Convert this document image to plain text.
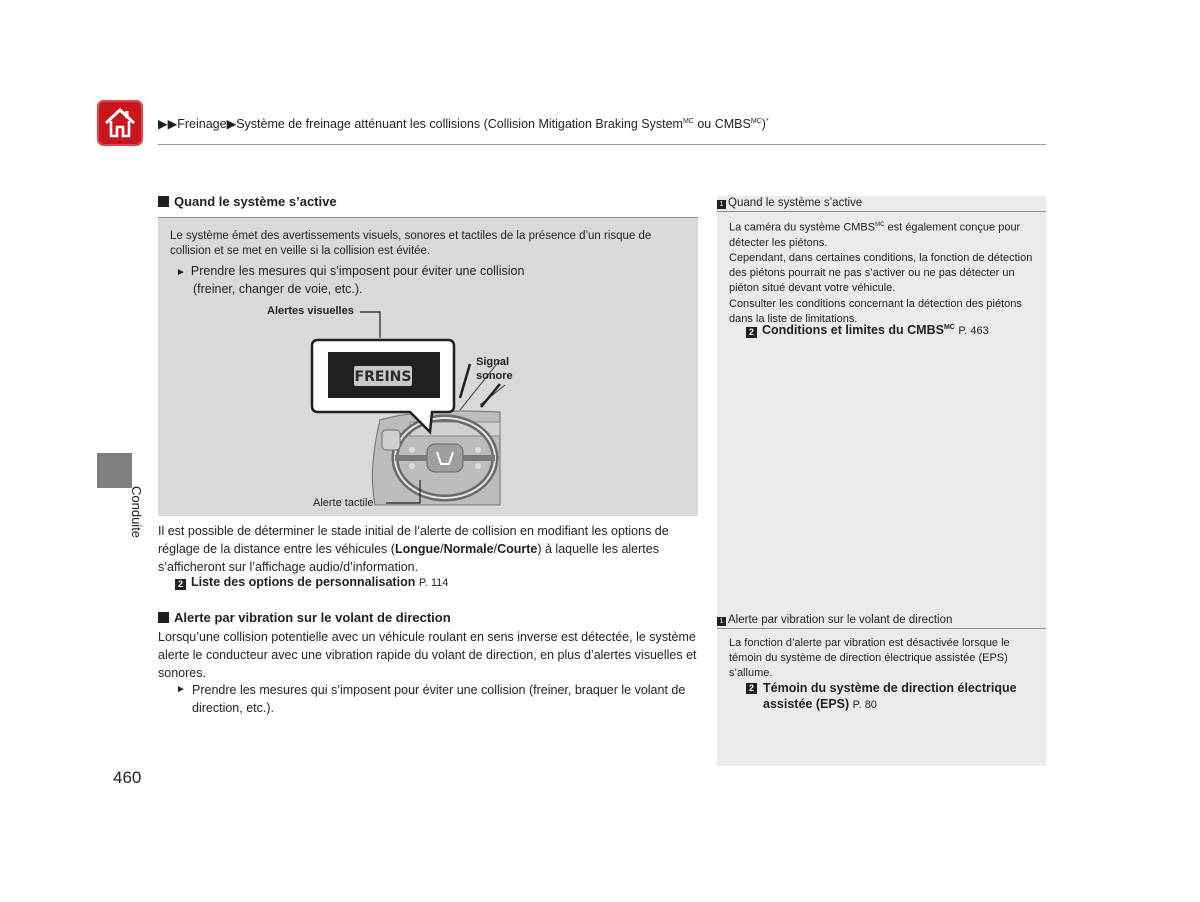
▶▶Freinage▶Système de freinage atténuant les collisions (Collision Mitigation Braking System$^{MC}$ ou $CMBS^{MC})^*$
Conduite
460
Quand le système s’active
Le système émet des avertissements visuels, sonores et tactiles de la présence d’un risque de collision et se met en veille si la collision est évitée.
► Prendre les mesures qui s’imposent pour éviter une collision
(freiner, changer de voie, etc.).
FREINS
Alertes visuelles
Signal
sonore
Alerte tactile
Il est possible de déterminer le stade initial de l’alerte de collision en modifiant les options de réglage de la distance entre les véhicules (Longue/Normale/Courte) à laquelle les alertes s’afficheront sur l’affichage audio/d’information.
2 Liste des options de personnalisation P. 114
Alerte par vibration sur le volant de direction
Lorsqu’une collision potentielle avec un véhicule roulant en sens inverse est détectée, le système alerte le conducteur avec une vibration rapide du volant de direction, en plus d’alertes visuelles et sonores.
► Prendre les mesures qui s’imposent pour éviter une collision (freiner, braquer le volant de direction, etc.).
1 Quand le système s’active
La caméra du système $CMBS^{MC}$ est également conçue pour détecter les piétons.
Cependant, dans certaines conditions, la fonction de détection des piétons pourrait ne pas s’activer ou ne pas détecter un piéton situé devant votre véhicule.
Consulter les conditions concernant la détection des piétons dans la liste de limitations.
2 Conditions et limites du CMBS$^{MC}$ P. 463
1 Alerte par vibration sur le volant de direction
La fonction d’alerte par vibration est désactivée lorsque le témoin du système de direction électrique assistée (EPS) s’allume.
2 Témoin du système de direction électrique assistée (EPS) P. 80
